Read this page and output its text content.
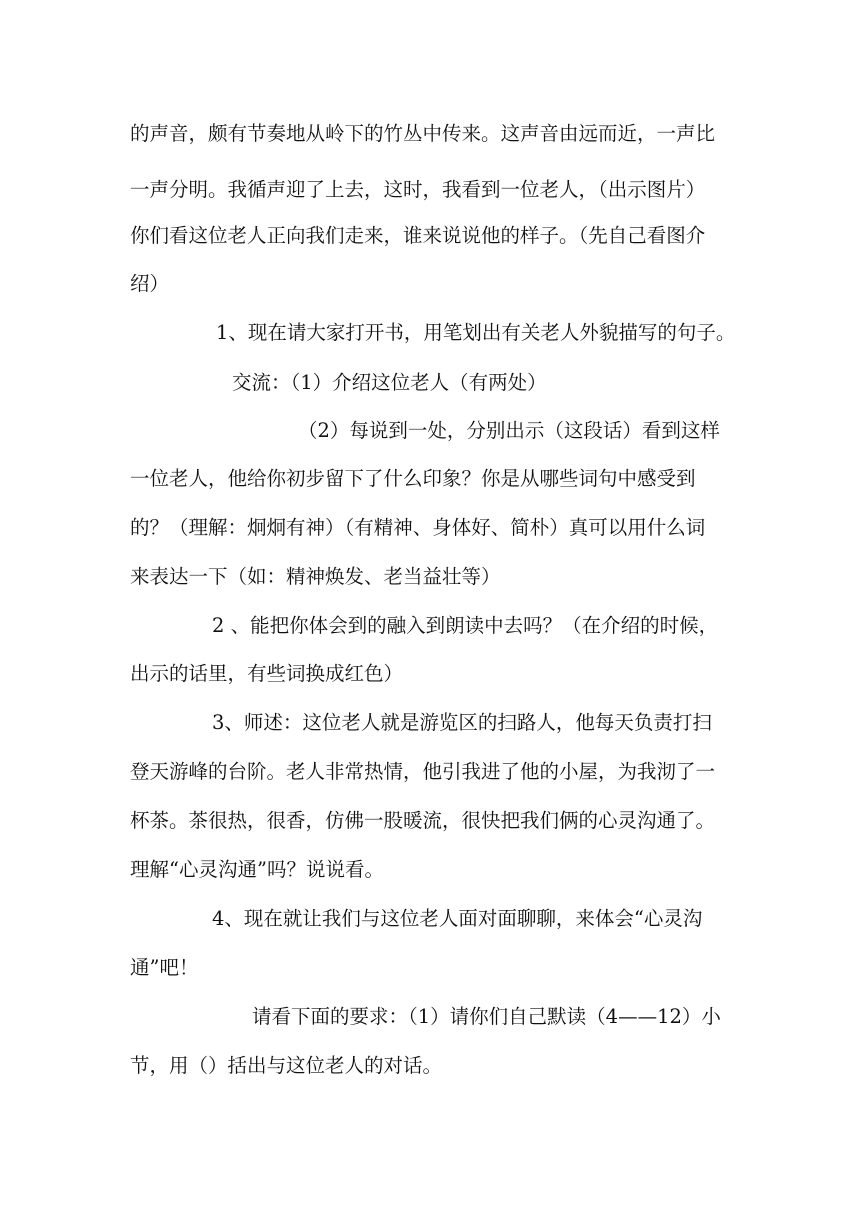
的声音，颇有节奏地从岭下的竹丛中传来。这声音由远而近，一声比
一声分明。我循声迎了上去，这时，我看到一位老人，（出示图片）
你们看这位老人正向我们走来，谁来说说他的样子。（先自己看图介
绍）
1、现在请大家打开书，用笔划出有关老人外貌描写的句子。
交流：（1）介绍这位老人（有两处）
（2）每说到一处，分别出示（这段话）看到这样
一位老人，他给你初步留下了什么印象？你是从哪些词句中感受到
的？（理解：炯炯有神）（有精神、身体好、简朴）真可以用什么词
来表达一下（如：精神焕发、老当益壮等）
2 、能把你体会到的融入到朗读中去吗？（在介绍的时候，
出示的话里，有些词换成红色）
3、师述：这位老人就是游览区的扫路人，他每天负责打扫
登天游峰的台阶。老人非常热情，他引我进了他的小屋，为我沏了一
杯茶。茶很热，很香，仿佛一股暖流，很快把我们俩的心灵沟通了。
理解“心灵沟通”吗？说说看。
4、现在就让我们与这位老人面对面聊聊，来体会“心灵沟
通”吧！
请看下面的要求：（1）请你们自己默读（4——12）小
节，用（）括出与这位老人的对话。
